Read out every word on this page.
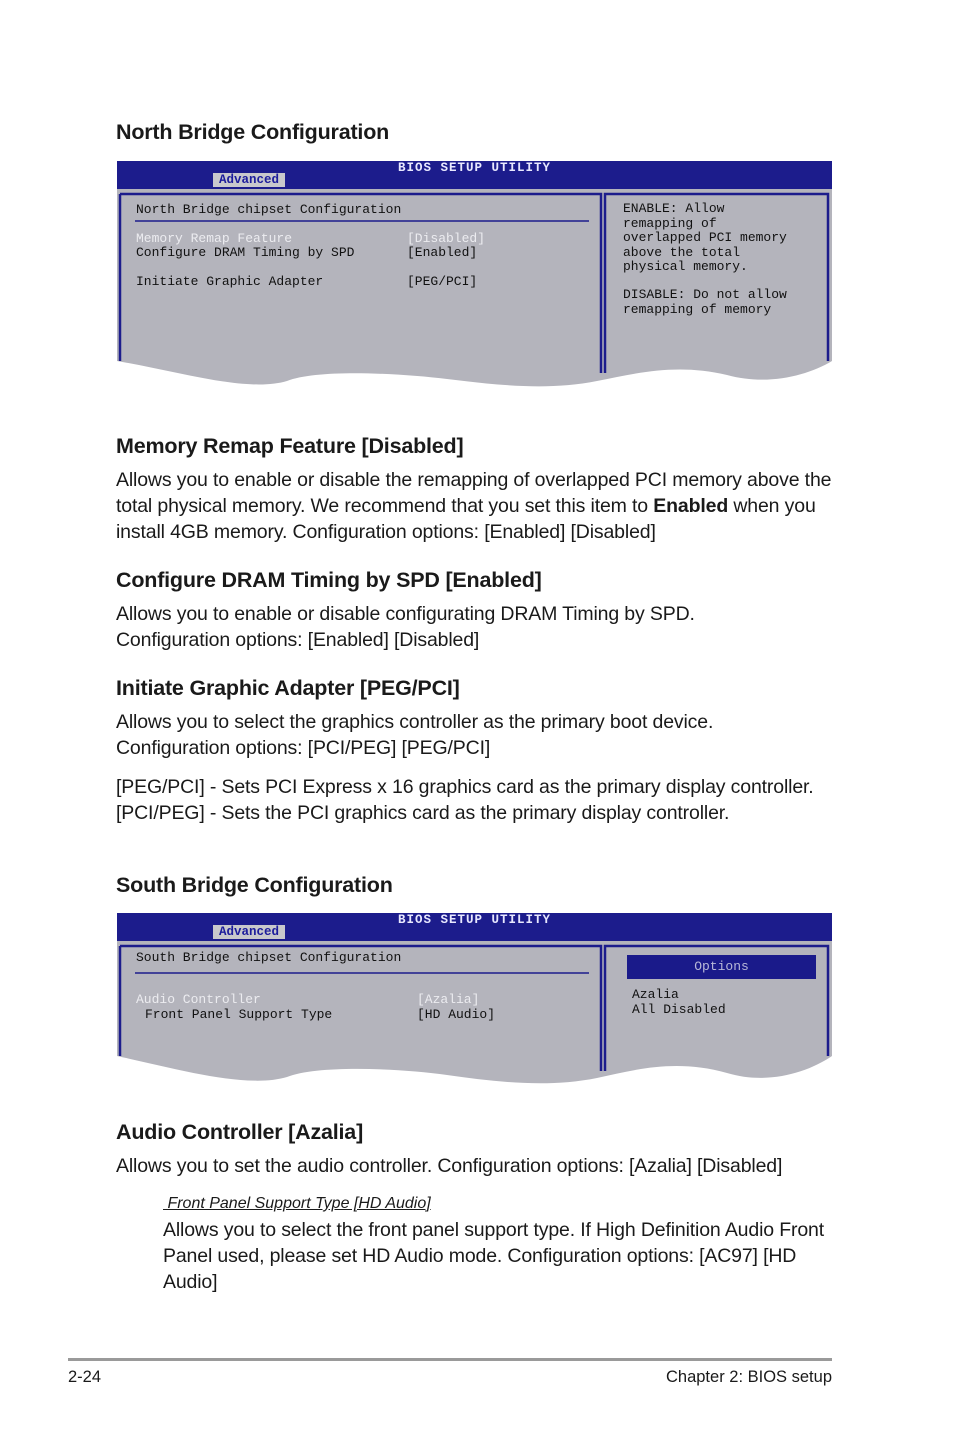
North Bridge Configuration
BIOS SETUP UTILITY
Advanced
North Bridge chipset Configuration
Memory Remap Feature	[Disabled]
Configure DRAM Timing by SPD	[Enabled]
Initiate Graphic Adapter	[PEG/PCI]
ENABLE: Allow
remapping of
overlapped PCI memory
above the total
physical memory.
DISABLE: Do not allow
remapping of memory
Memory Remap Feature [Disabled]

Allows you to enable or disable the remapping of overlapped PCI memory above the total physical memory. We recommend that you set this item to Enabled when you install 4GB memory. Configuration options: [Enabled] [Disabled]

Configure DRAM Timing by SPD [Enabled]

Allows you to enable or disable configurating DRAM Timing by SPD.

Configuration options: [Enabled] [Disabled]

Initiate Graphic Adapter [PEG/PCI]

Allows you to select the graphics controller as the primary boot device.

Configuration options: [PCI/PEG] [PEG/PCI]

[PEG/PCI] - Sets PCI Express x 16 graphics card as the primary display controller.

[PCI/PEG] - Sets the PCI graphics card as the primary display controller.

South Bridge Configuration
BIOS SETUP UTILITY
Advanced
South Bridge chipset Configuration
Audio Controller	[Azalia]
Front Panel Support Type	[HD Audio]
Options
Azalia
All Disabled
Audio Controller [Azalia]

Allows you to set the audio controller. Configuration options: [Azalia] [Disabled]

Front Panel Support Type [HD Audio]

Allows you to select the front panel support type. If High Definition Audio Front Panel used, please set HD Audio mode. Configuration options: [AC97] [HD Audio]

2-24	Chapter 2: BIOS setup
